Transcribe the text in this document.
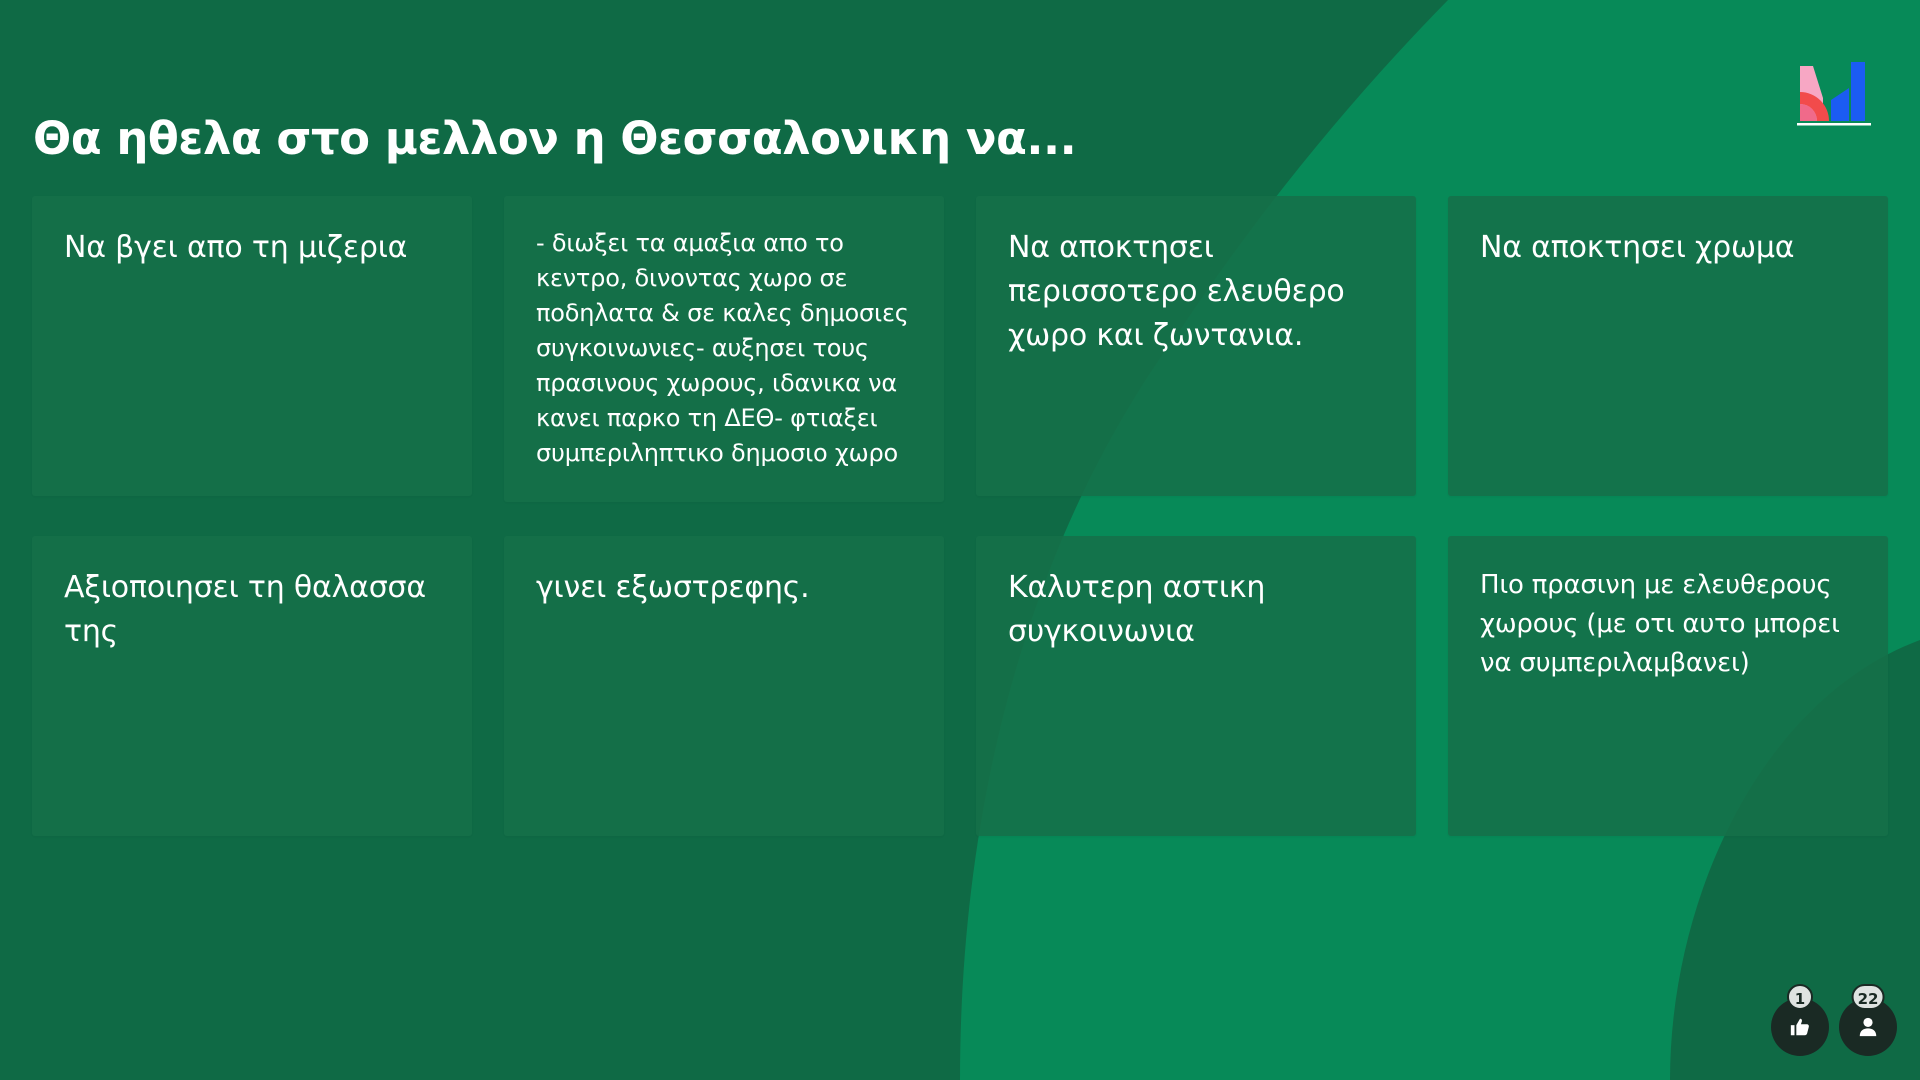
Θα ηθελα στο μελλον η Θεσσαλονικη να...

Να βγει απο τη μιζερια	- διωξει τα αμαξια απο το κεντρο, δινοντας χωρο σε ποδηλατα & σε καλες δημοσιες συγκοινωνιες- αυξησει τους πρασινους χωρους, ιδανικα να κανει παρκο τη ΔΕΘ- φτιαξει συμπεριληπτικο δημοσιο χωρο

Να αποκτησει περισσοτερο ελευθερο χωρο και ζωντανια.

Να αποκτησει χρωμα

Αξιοποιησει τη θαλασσα της

γινει εξωστρεφης.	Καλυτερη αστικη συγκοινωνια

Πιο πρασινη με ελευθερους χωρους (με οτι αυτο μπορει να συμπεριλαμβανει)

1	22
